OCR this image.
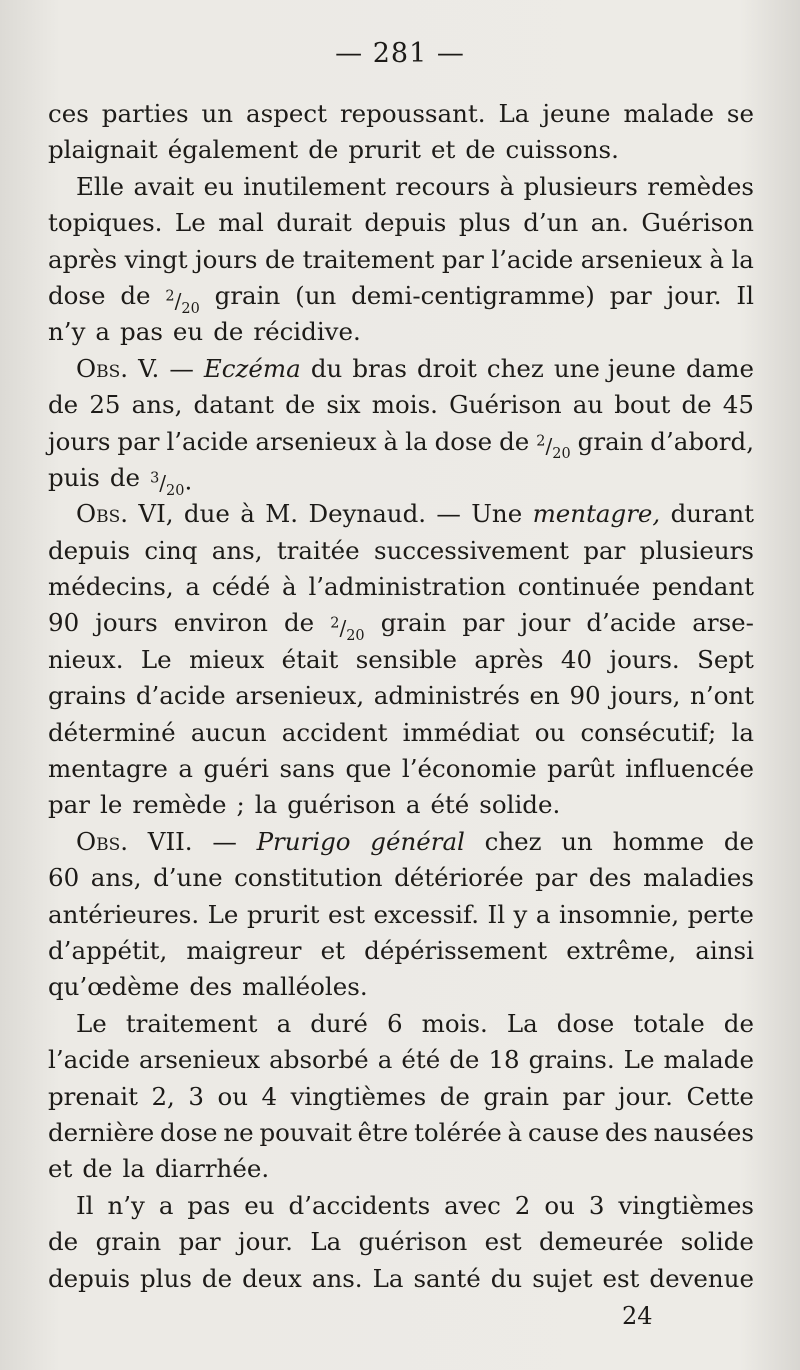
— 281 —
ces parties un aspect repoussant. La jeune malade se
plaignait également de prurit et de cuissons.
Elle avait eu inutilement recours à plusieurs remèdes
topiques. Le mal durait depuis plus d’un an. Guérison
après vingt jours de traitement par l’acide arsenieux à la
dose de $^2/_{20}$ grain (un demi-centigramme) par jour. Il
n’y a pas eu de récidive.
Obs. V. — Eczéma du bras droit chez une jeune dame
de 25 ans, datant de six mois. Guérison au bout de 45
jours par l’acide arsenieux à la dose de $^2/_{20}$ grain d’abord,
puis de $^3/_{20}$.
Obs. VI, due à M. Deynaud. — Une mentagre, durant
depuis cinq ans, traitée successivement par plusieurs
médecins, a cédé à l’administration continuée pendant
90 jours environ de $^2/_{20}$ grain par jour d’acide arse-
nieux. Le mieux était sensible après 40 jours. Sept
grains d’acide arsenieux, administrés en 90 jours, n’ont
déterminé aucun accident immédiat ou consécutif; la
mentagre a guéri sans que l’économie parût influencée
par le remède ; la guérison a été solide.
Obs. VII. — Prurigo général chez un homme de
60 ans, d’une constitution détériorée par des maladies
antérieures. Le prurit est excessif. Il y a insomnie, perte
d’appétit, maigreur et dépérissement extrême, ainsi
qu’œdème des malléoles.
Le traitement a duré 6 mois. La dose totale de
l’acide arsenieux absorbé a été de 18 grains. Le malade
prenait 2, 3 ou 4 vingtièmes de grain par jour. Cette
dernière dose ne pouvait être tolérée à cause des nausées
et de la diarrhée.
Il n’y a pas eu d’accidents avec 2 ou 3 vingtièmes
de grain par jour. La guérison est demeurée solide
depuis plus de deux ans. La santé du sujet est devenue
24
